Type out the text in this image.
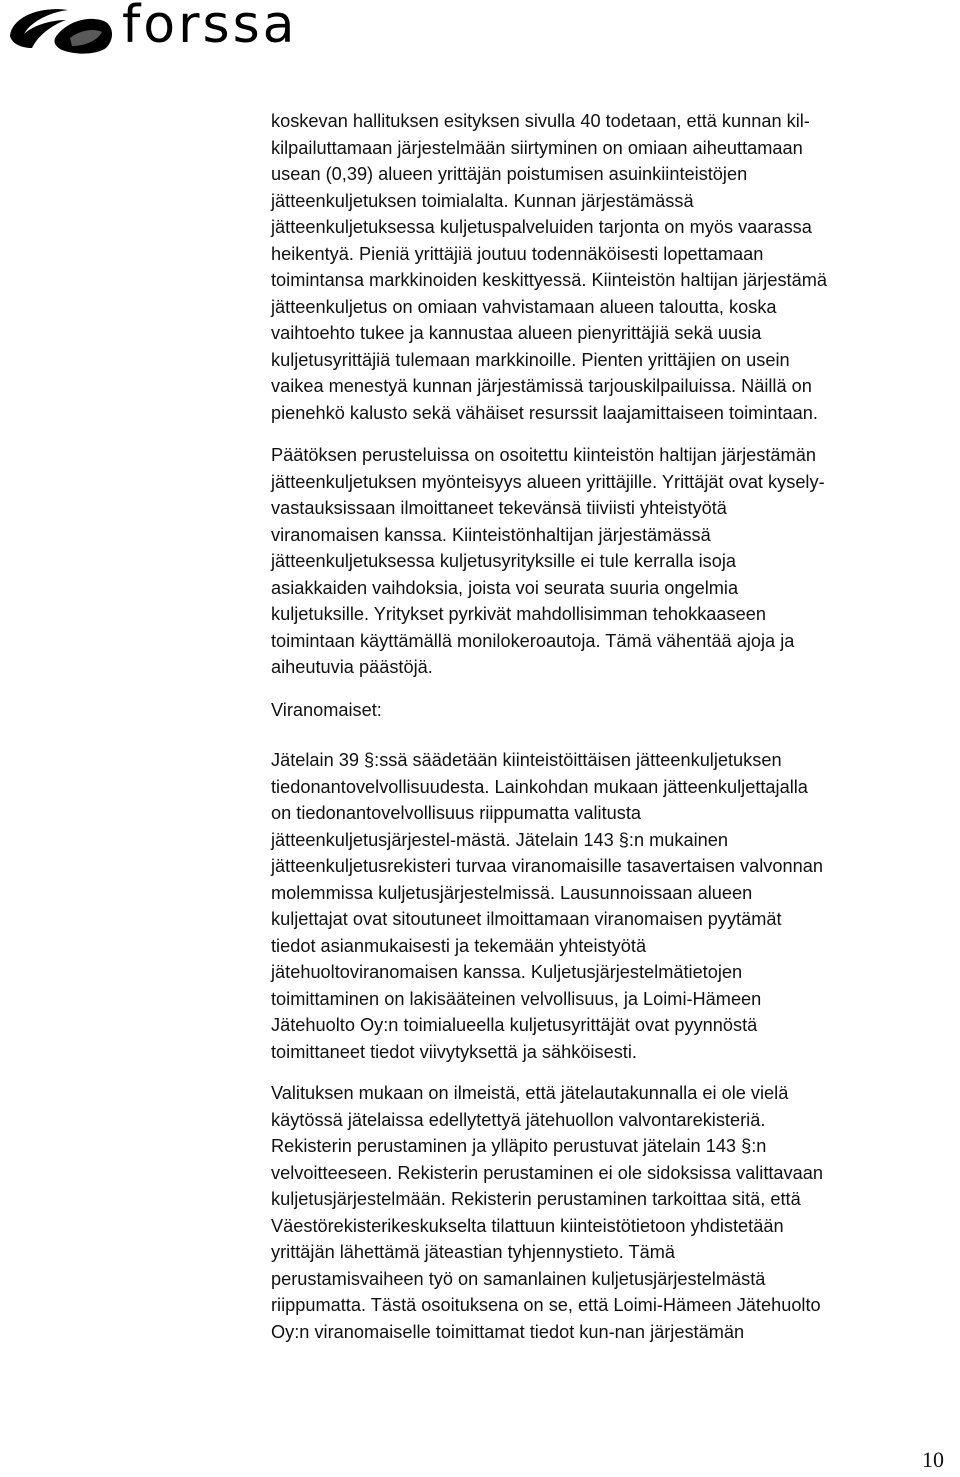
forssa

koskevan hallituksen esityksen sivulla 40 todetaan, että kunnan kil-
kilpailuttamaan järjestelmään siirtyminen on omiaan aiheuttamaan
usean (0,39) alueen yrittäjän poistumisen asuinkiinteistöjen
jätteenkuljetuksen toimialalta. Kunnan järjestämässä
jätteenkuljetuksessa kuljetuspalveluiden tarjonta on myös vaarassa
heikentyä. Pieniä yrittäjiä joutuu todennäköisesti lopettamaan
toimintansa markkinoiden keskittyessä. Kiinteistön haltijan järjestämä
jätteenkuljetus on omiaan vahvistamaan alueen taloutta, koska
vaihtoehto tukee ja kannustaa alueen pienyrittäjiä sekä uusia
kuljetusyrittäjiä tulemaan markkinoille. Pienten yrittäjien on usein
vaikea menestyä kunnan järjestämissä tarjouskilpailuissa. Näillä on
pienehkö kalusto sekä vähäiset resurssit laajamittaiseen toimintaan.

Päätöksen perusteluissa on osoitettu kiinteistön haltijan järjestämän
jätteenkuljetuksen myönteisyys alueen yrittäjille. Yrittäjät ovat kysely-
vastauksissaan ilmoittaneet tekevänsä tiiviisti yhteistyötä
viranomaisen kanssa. Kiinteistönhaltijan järjestämässä
jätteenkuljetuksessa kuljetusyrityksille ei tule kerralla isoja
asiakkaiden vaihdoksia, joista voi seurata suuria ongelmia
kuljetuksille. Yritykset pyrkivät mahdollisimman tehokkaaseen
toimintaan käyttämällä monilokeroautoja. Tämä vähentää ajoja ja
aiheutuvia päästöjä.

Viranomaiset:

Jätelain 39 §:ssä säädetään kiinteistöittäisen jätteenkuljetuksen
tiedonantovelvollisuudesta. Lainkohdan mukaan jätteenkuljettajalla
on tiedonantovelvollisuus riippumatta valitusta
jätteenkuljetusjärjestel-mästä. Jätelain 143 §:n mukainen
jätteenkuljetusrekisteri turvaa viranomaisille tasavertaisen valvonnan
molemmissa kuljetusjärjestelmissä. Lausunnoissaan alueen
kuljettajat ovat sitoutuneet ilmoittamaan viranomaisen pyytämät
tiedot asianmukaisesti ja tekemään yhteistyötä
jätehuoltoviranomaisen kanssa. Kuljetusjärjestelmätietojen
toimittaminen on lakisääteinen velvollisuus, ja Loimi-Hämeen
Jätehuolto Oy:n toimialueella kuljetusyrittäjät ovat pyynnöstä
toimittaneet tiedot viivytyksettä ja sähköisesti.

Valituksen mukaan on ilmeistä, että jätelautakunnalla ei ole vielä
käytössä jätelaissa edellytettyä jätehuollon valvontarekisteriä.
Rekisterin perustaminen ja ylläpito perustuvat jätelain 143 §:n
velvoitteeseen. Rekisterin perustaminen ei ole sidoksissa valittavaan
kuljetusjärjestelmään. Rekisterin perustaminen tarkoittaa sitä, että
Väestörekisterikeskukselta tilattuun kiinteistötietoon yhdistetään
yrittäjän lähettämä jäteastian tyhjennystieto. Tämä
perustamisvaiheen työ on samanlainen kuljetusjärjestelmästä
riippumatta. Tästä osoituksena on se, että Loimi-Hämeen Jätehuolto
Oy:n viranomaiselle toimittamat tiedot kun-nan järjestämän

10
